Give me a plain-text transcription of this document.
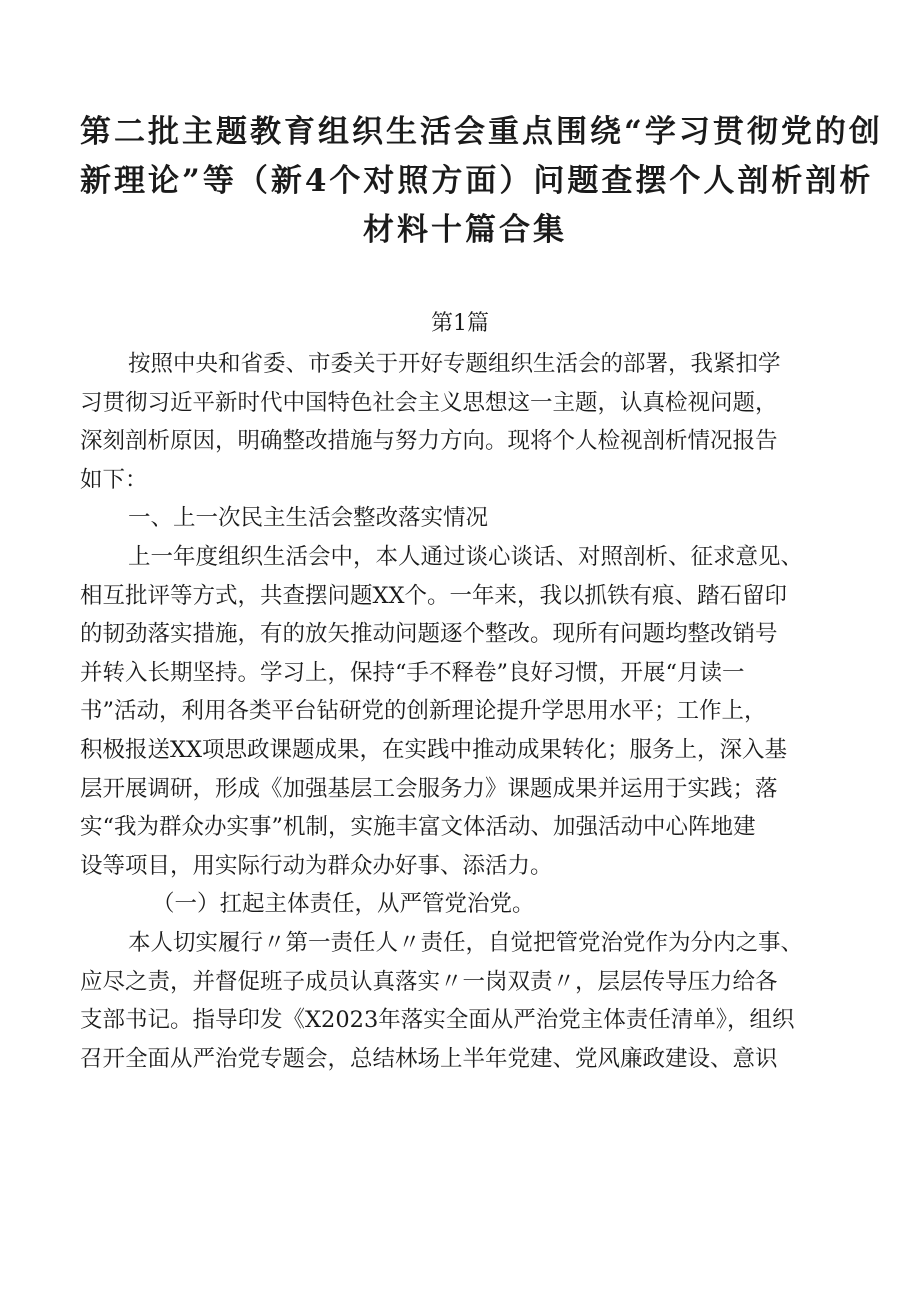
第二批主题教育组织生活会重点围绕“学习贯彻党的创
新理论”等（新4个对照方面）问题查摆个人剖析剖析
材料十篇合集
第1篇
按照中央和省委、市委关于开好专题组织生活会的部署，我紧扣学
习贯彻习近平新时代中国特色社会主义思想这一主题，认真检视问题，
深刻剖析原因，明确整改措施与努力方向。现将个人检视剖析情况报告
如下：
一、上一次民主生活会整改落实情况
上一年度组织生活会中，本人通过谈心谈话、对照剖析、征求意见、
相互批评等方式，共查摆问题XX个。一年来，我以抓铁有痕、踏石留印
的韧劲落实措施，有的放矢推动问题逐个整改。现所有问题均整改销号
并转入长期坚持。学习上，保持“手不释卷”良好习惯，开展“月读一
书”活动，利用各类平台钻研党的创新理论提升学思用水平；工作上，
积极报送XX项思政课题成果，在实践中推动成果转化；服务上，深入基
层开展调研，形成《加强基层工会服务力》课题成果并运用于实践；落
实“我为群众办实事”机制，实施丰富文体活动、加强活动中心阵地建
设等项目，用实际行动为群众办好事、添活力。
（一）扛起主体责任，从严管党治党。
本人切实履行〃第一责任人〃责任，自觉把管党治党作为分内之事、
应尽之责，并督促班子成员认真落实〃一岗双责〃，层层传导压力给各
支部书记。指导印发《X2023年落实全面从严治党主体责任清单》，组织
召开全面从严治党专题会，总结林场上半年党建、党风廉政建设、意识
